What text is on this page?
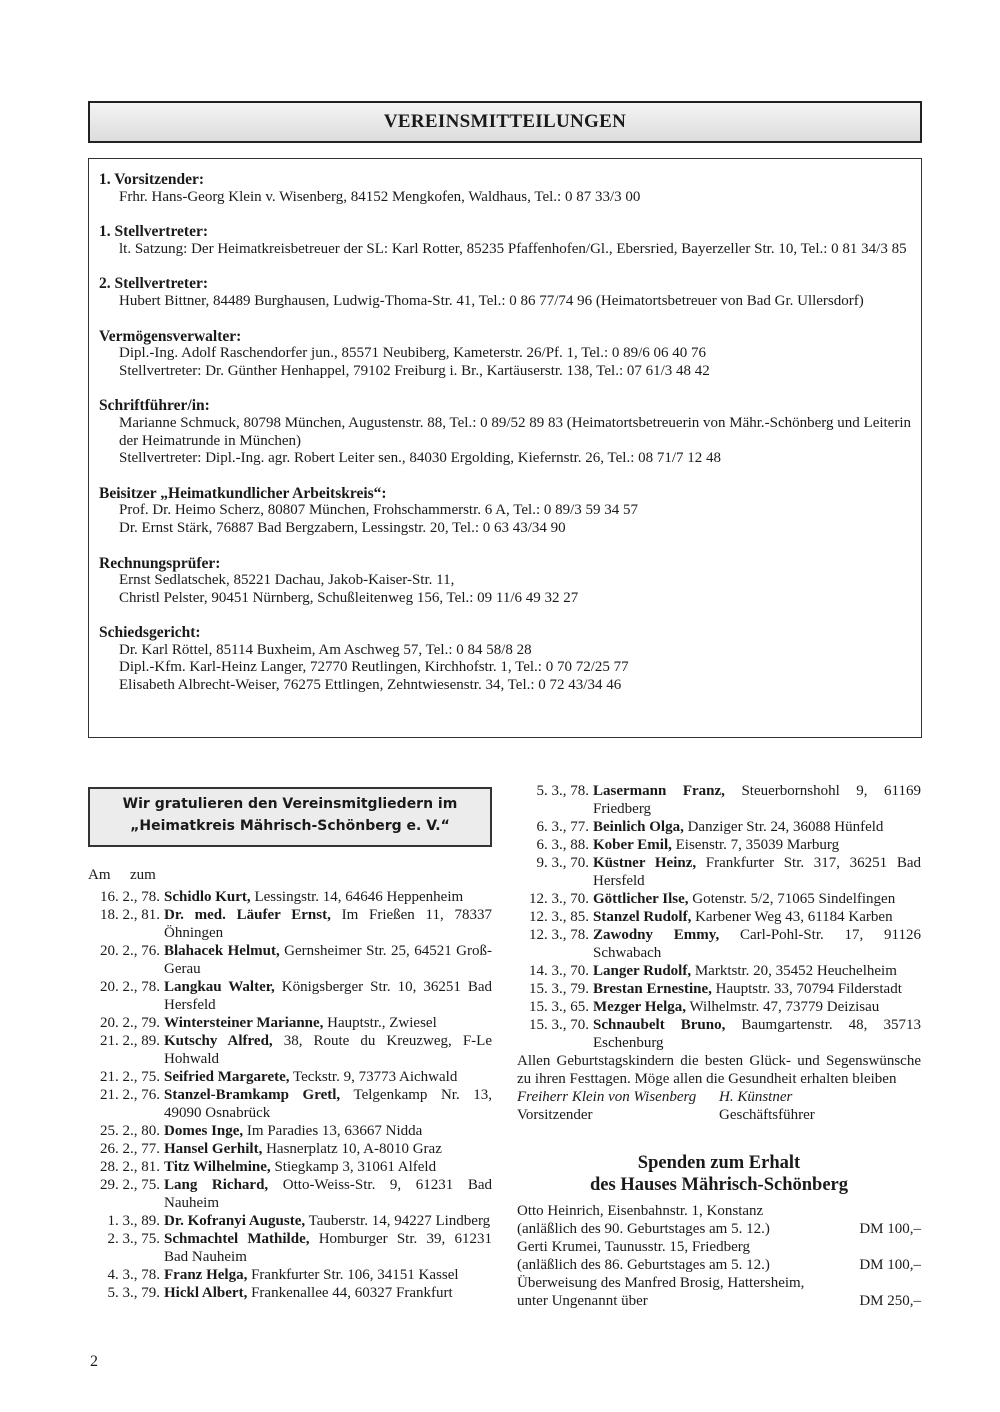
VEREINSMITTEILUNGEN
1. Vorsitzender:

Frhr. Hans-Georg Klein v. Wisenberg, 84152 Mengkofen, Waldhaus, Tel.: 0 87 33/3 00

1. Stellvertreter:

lt. Satzung: Der Heimatkreisbetreuer der SL: Karl Rotter, 85235 Pfaffenhofen/Gl., Ebersried, Bayerzeller Str. 10, Tel.: 0 81 34/3 85

2. Stellvertreter:

Hubert Bittner, 84489 Burghausen, Ludwig-Thoma-Str. 41, Tel.: 0 86 77/74 96 (Heimatortsbetreuer von Bad Gr. Ullersdorf)

Vermögensverwalter:

Dipl.-Ing. Adolf Raschendorfer jun., 85571 Neubiberg, Kameterstr. 26/Pf. 1, Tel.: 0 89/6 06 40 76

Stellvertreter: Dr. Günther Henhappel, 79102 Freiburg i. Br., Kartäuserstr. 138, Tel.: 07 61/3 48 42

Schriftführer/in:

Marianne Schmuck, 80798 München, Augustenstr. 88, Tel.: 0 89/52 89 83 (Heimatortsbetreuerin von Mähr.-Schönberg und Leiterin der Heimatrunde in München)

Stellvertreter: Dipl.-Ing. agr. Robert Leiter sen., 84030 Ergolding, Kiefernstr. 26, Tel.: 08 71/7 12 48

Beisitzer „Heimatkundlicher Arbeitskreis“:

Prof. Dr. Heimo Scherz, 80807 München, Frohschammerstr. 6 A, Tel.: 0 89/3 59 34 57

Dr. Ernst Stärk, 76887 Bad Bergzabern, Lessingstr. 20, Tel.: 0 63 43/34 90

Rechnungsprüfer:

Ernst Sedlatschek, 85221 Dachau, Jakob-Kaiser-Str. 11,

Christl Pelster, 90451 Nürnberg, Schußleitenweg 156, Tel.: 09 11/6 49 32 27

Schiedsgericht:

Dr. Karl Röttel, 85114 Buxheim, Am Aschweg 57, Tel.: 0 84 58/8 28

Dipl.-Kfm. Karl-Heinz Langer, 72770 Reutlingen, Kirchhofstr. 1, Tel.: 0 70 72/25 77

Elisabeth Albrecht-Weiser, 76275 Ettlingen, Zehntwiesenstr. 34, Tel.: 0 72 43/34 46

Wir gratulieren den Vereinsmitgliedern im
„Heimatkreis Mährisch-Schönberg e. V.“
Am zum
16. 2., 78. Schidlo Kurt, Lessingstr. 14, 64646 Heppenheim
18. 2., 81. Dr. med. Läufer Ernst, Im Frießen 11, 78337 Öhningen
20. 2., 76. Blahacek Helmut, Gernsheimer Str. 25, 64521 Groß-Gerau
20. 2., 78. Langkau Walter, Königsberger Str. 10, 36251 Bad Hersfeld
20. 2., 79. Wintersteiner Marianne, Hauptstr., Zwiesel
21. 2., 89. Kutschy Alfred, 38, Route du Kreuzweg, F-Le Hohwald
21. 2., 75. Seifried Margarete, Teckstr. 9, 73773 Aichwald
21. 2., 76. Stanzel-Bramkamp Gretl, Telgenkamp Nr. 13, 49090 Osnabrück
25. 2., 80. Domes Inge, Im Paradies 13, 63667 Nidda
26. 2., 77. Hansel Gerhilt, Hasnerplatz 10, A-8010 Graz
28. 2., 81. Titz Wilhelmine, Stiegkamp 3, 31061 Alfeld
29. 2., 75. Lang Richard, Otto-Weiss-Str. 9, 61231 Bad Nauheim
1. 3., 89. Dr. Kofranyi Auguste, Tauberstr. 14, 94227 Lindberg
2. 3., 75. Schmachtel Mathilde, Homburger Str. 39, 61231 Bad Nauheim
4. 3., 78. Franz Helga, Frankfurter Str. 106, 34151 Kassel
5. 3., 79. Hickl Albert, Frankenallee 44, 60327 Frankfurt
5. 3., 78. Lasermann Franz, Steuerbornshohl 9, 61169 Friedberg
6. 3., 77. Beinlich Olga, Danziger Str. 24, 36088 Hünfeld
6. 3., 88. Kober Emil, Eisenstr. 7, 35039 Marburg
9. 3., 70. Küstner Heinz, Frankfurter Str. 317, 36251 Bad Hersfeld
12. 3., 70. Göttlicher Ilse, Gotenstr. 5/2, 71065 Sindelfingen
12. 3., 85. Stanzel Rudolf, Karbener Weg 43, 61184 Karben
12. 3., 78. Zawodny Emmy, Carl-Pohl-Str. 17, 91126 Schwabach
14. 3., 70. Langer Rudolf, Marktstr. 20, 35452 Heuchelheim
15. 3., 79. Brestan Ernestine, Hauptstr. 33, 70794 Filderstadt
15. 3., 65. Mezger Helga, Wilhelmstr. 47, 73779 Deizisau
15. 3., 70. Schnaubelt Bruno, Baumgartenstr. 48, 35713 Eschenburg
Allen Geburtstagskindern die besten Glück- und Segenswünsche zu ihren Festtagen. Möge allen die Gesundheit erhalten bleiben
Freiherr Klein von Wisenberg
Vorsitzender
H. Künstner
Geschäftsführer
Spenden zum Erhalt
des Hauses Mährisch-Schönberg
Otto Heinrich, Eisenbahnstr. 1, Konstanz
(anläßlich des 90. Geburtstages am 5. 12.)	DM 100,–
Gerti Krumei, Taunusstr. 15, Friedberg
(anläßlich des 86. Geburtstages am 5. 12.)	DM 100,–
Überweisung des Manfred Brosig, Hattersheim,
unter Ungenannt über	DM 250,–
2
